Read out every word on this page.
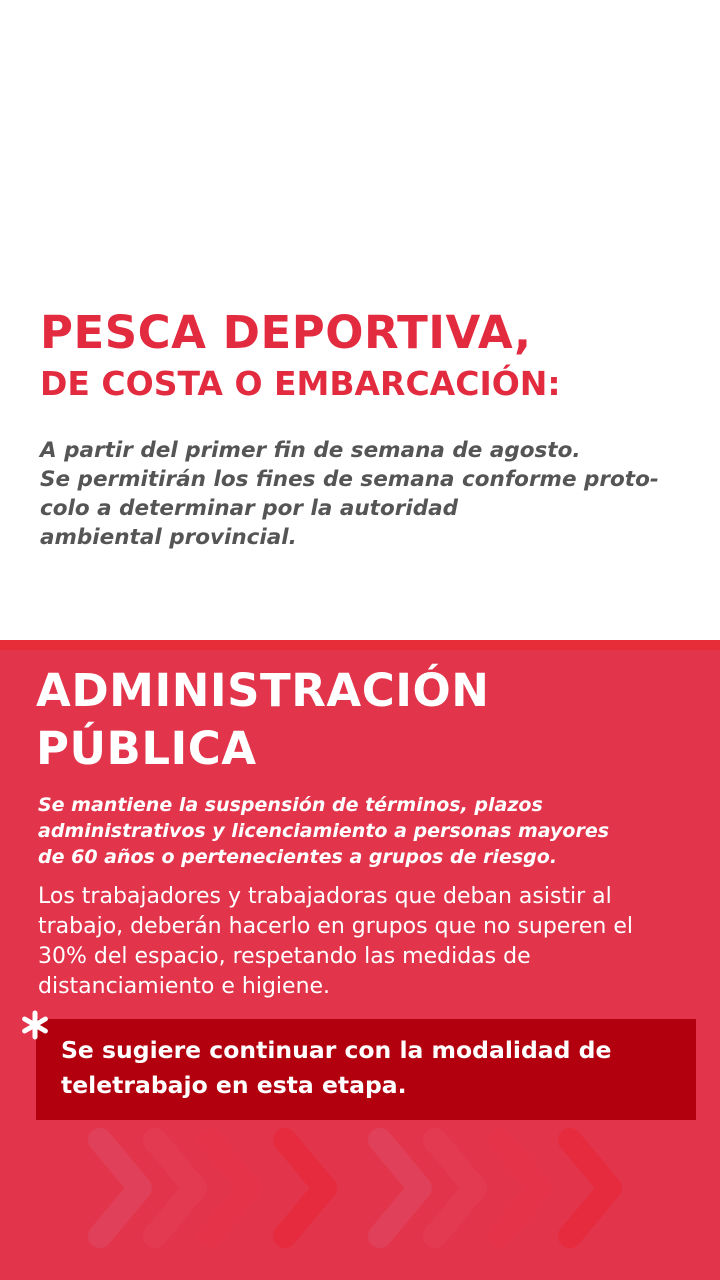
PESCA DEPORTIVA,
DE COSTA O EMBARCACIÓN:
A partir del primer fin de semana de agosto.
Se permitirán los fines de semana conforme proto-
colo a determinar por la autoridad
ambiental provincial.
ADMINISTRACIÓN
PÚBLICA
Se mantiene la suspensión de términos, plazos
administrativos y licenciamiento a personas mayores
de 60 años o pertenecientes a grupos de riesgo.
Los trabajadores y trabajadoras que deban asistir al
trabajo, deberán hacerlo en grupos que no superen el
30% del espacio, respetando las medidas de
distanciamiento e higiene.
Se sugiere continuar con la modalidad de
teletrabajo en esta etapa.
